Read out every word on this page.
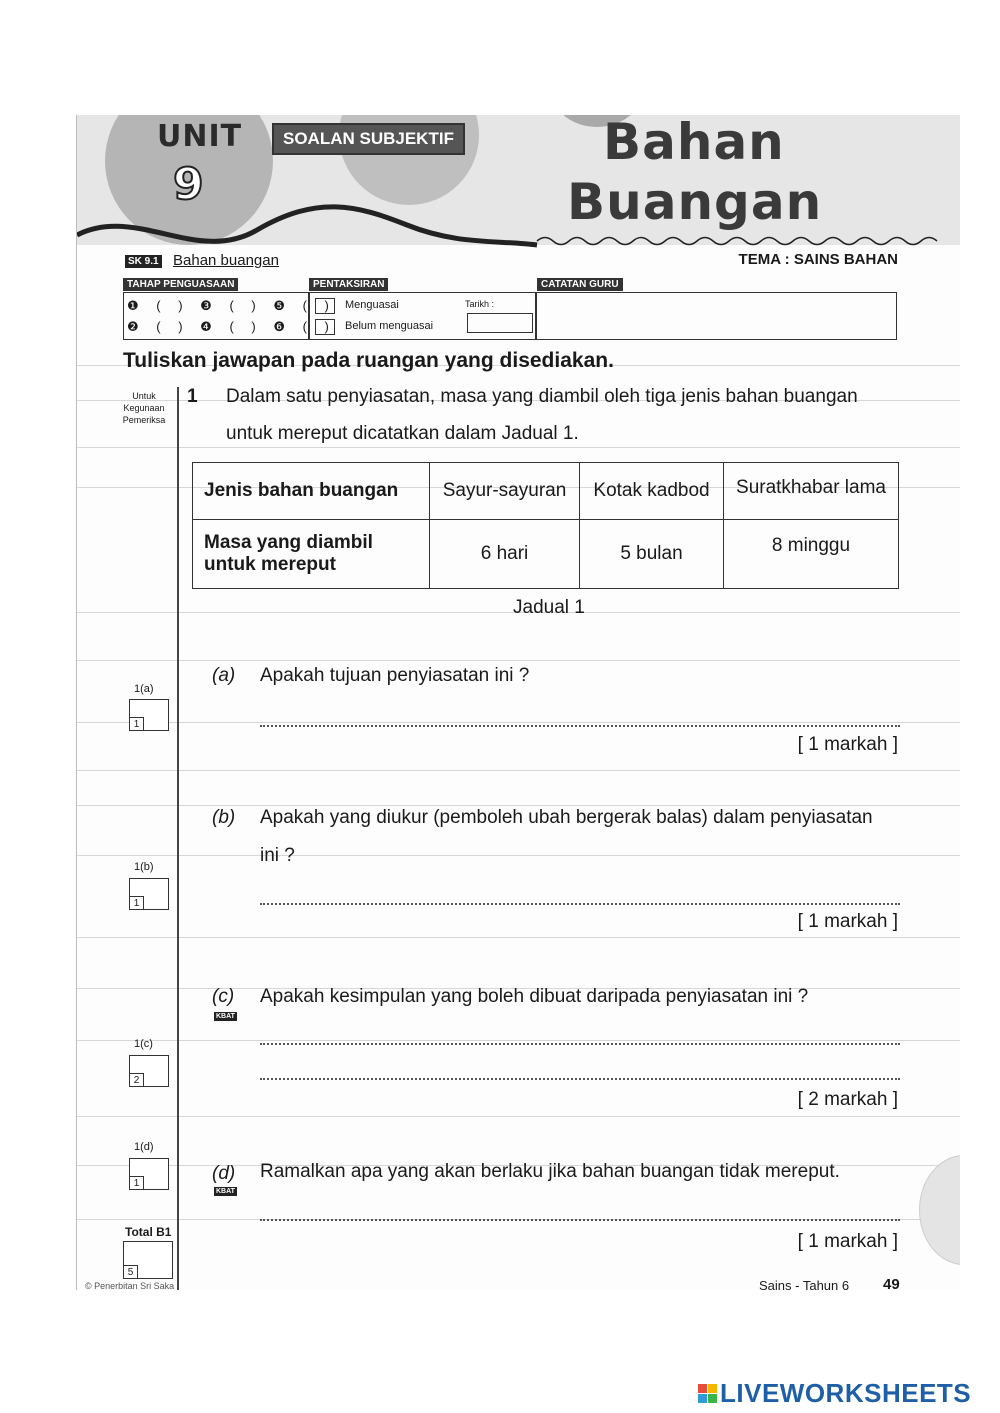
UNIT
9
SOALAN SUBJEKTIF	Bahan
Buangan
SK 9.1 Bahan buangan	TEMA : SAINS BAHAN
TAHAP PENGUASAAN	PENTAKSIRAN	CATATAN GURU
❶ ( ) ❸ ( ) ❺ ( )
❷ ( ) ❹ ( ) ❻ ( )
Menguasai
Belum menguasai
Tarikh :
Tuliskan jawapan pada ruangan yang disediakan.
Untuk
Kegunaan
Pemeriksa
1 Dalam satu penyiasatan, masa yang diambil oleh tiga jenis bahan buangan
untuk mereput dicatatkan dalam Jadual 1.
Jenis bahan buangan	Sayur-sayuran	Kotak kadbod	Suratkhabar lama
Masa yang diambil
untuk mereput	6 hari	5 bulan	8 minggu
Jadual 1
(a) Apakah tujuan penyiasatan ini ?
[ 1 markah ]
1(a)
1
(b) Apakah yang diukur (pemboleh ubah bergerak balas) dalam penyiasatan
ini ?
[ 1 markah ]
1(b)
1
(c)
KBAT
Apakah kesimpulan yang boleh dibuat daripada penyiasatan ini ?
[ 2 markah ]
1(c)
2
(d)
KBAT
Ramalkan apa yang akan berlaku jika bahan buangan tidak mereput.
[ 1 markah ]
1(d)
1
Total B1
5
© Penerbitan Sri Saka	Sains - Tahun 6 49
LIVEWORKSHEETS
